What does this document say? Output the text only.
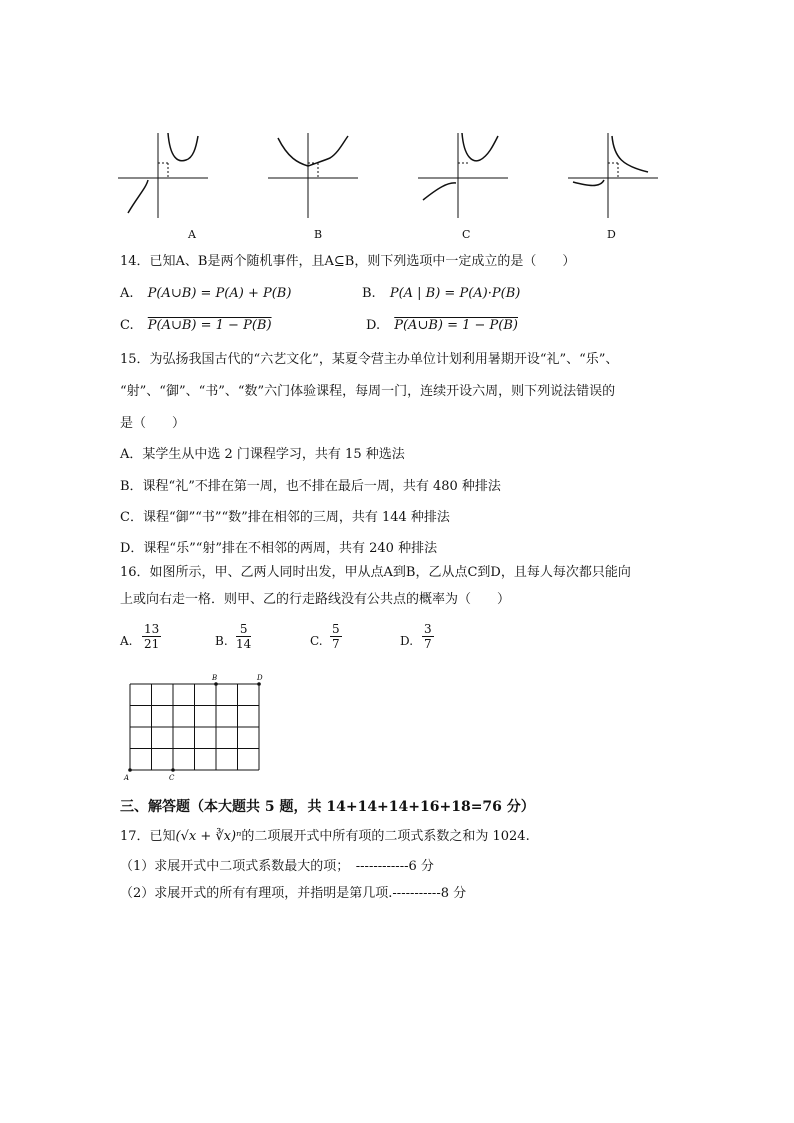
A	B	C	D
14．已知A、B是两个随机事件，且A⊆B，则下列选项中一定成立的是（　　）
A. P(A∪B) = P(A) + P(B)	B. P(A | B) = P(A)·P(B)
C. P(A∪B) = 1 − P(B)	D. P(A∪B) = 1 − P(B)
15．为弘扬我国古代的“六艺文化”，某夏令营主办单位计划利用暑期开设“礼”、“乐”、
“射”、“御”、“书”、“数”六门体验课程，每周一门，连续开设六周，则下列说法错误的
是（　　）
A．某学生从中选 2 门课程学习，共有 15 种选法
B．课程“礼”不排在第一周，也不排在最后一周，共有 480 种排法
C．课程“御”“书”“数”排在相邻的三周，共有 144 种排法
D．课程“乐”“射”排在不相邻的两周，共有 240 种排法
16．如图所示，甲、乙两人同时出发，甲从点A到B，乙从点C到D，且每人每次都只能向
上或向右走一格．则甲、乙的行走路线没有公共点的概率为（　　）
A. $\frac{13}{21}$	B. $\frac{5}{14}$	C. $\frac{5}{7}$	D. $\frac{3}{7}$
A	C
B	D
三、解答题（本大题共 5 题，共 14+14+14+16+18=76 分）
17．已知(√x + ∛x)ⁿ的二项展开式中所有项的二项式系数之和为 1024.
（1）求展开式中二项式系数最大的项；　------------6 分
（2）求展开式的所有有理项，并指明是第几项.-----------8 分
